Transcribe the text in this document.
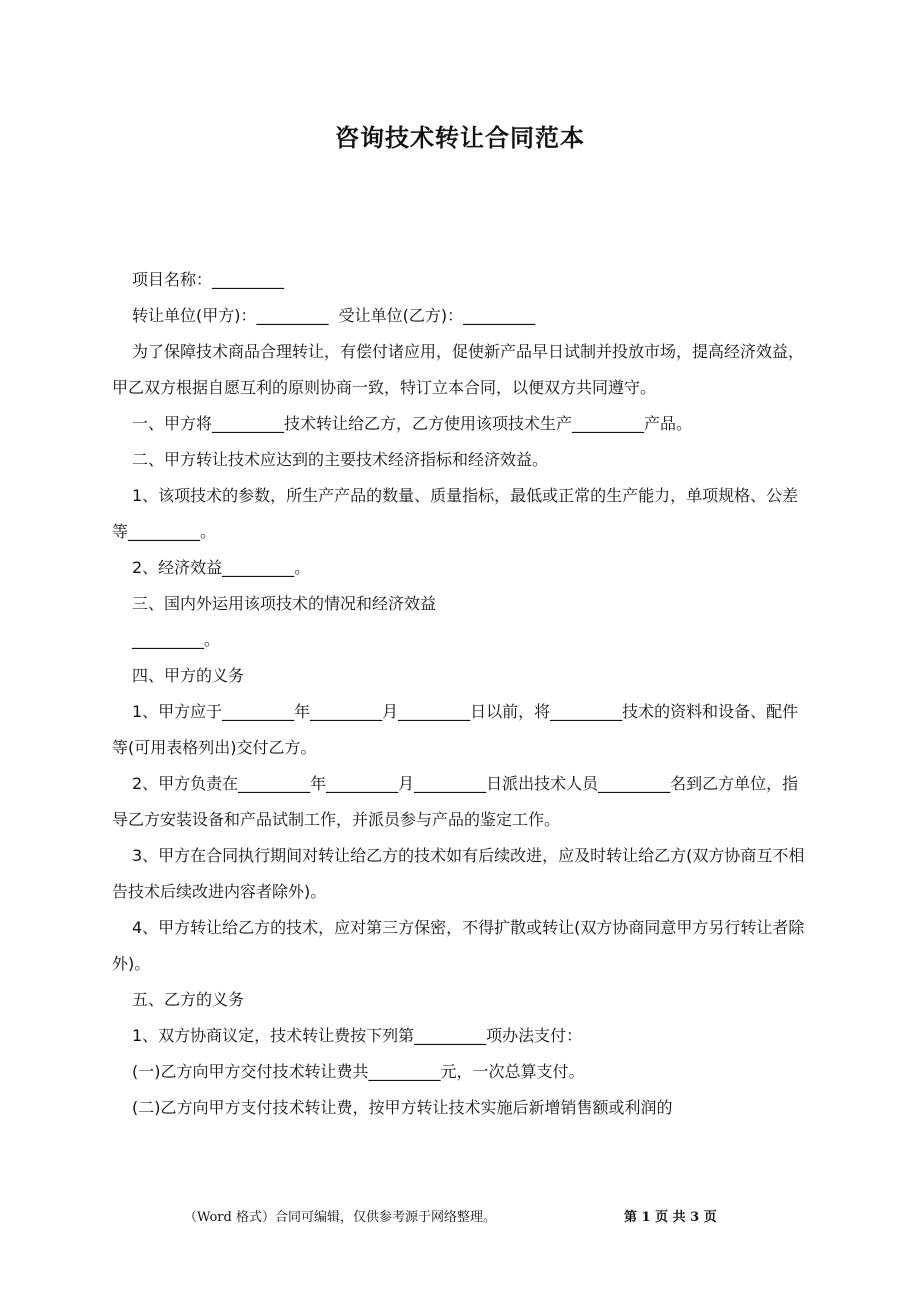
咨询技术转让合同范本

项目名称：_________

转让单位(甲方)：_________  受让单位(乙方)：_________

为了保障技术商品合理转让，有偿付诸应用，促使新产品早日试制并投放市场，提高经济效益，甲乙双方根据自愿互利的原则协商一致，特订立本合同，以便双方共同遵守。

一、甲方将_________技术转让给乙方，乙方使用该项技术生产_________产品。

二、甲方转让技术应达到的主要技术经济指标和经济效益。

1、该项技术的参数，所生产产品的数量、质量指标，最低或正常的生产能力，单项规格、公差等_________。

2、经济效益_________。

三、国内外运用该项技术的情况和经济效益

_________。

四、甲方的义务

1、甲方应于_________年_________月_________日以前，将_________技术的资料和设备、配件等(可用表格列出)交付乙方。

2、甲方负责在_________年_________月_________日派出技术人员_________名到乙方单位，指导乙方安装设备和产品试制工作，并派员参与产品的鉴定工作。

3、甲方在合同执行期间对转让给乙方的技术如有后续改进，应及时转让给乙方(双方协商互不相告技术后续改进内容者除外)。

4、甲方转让给乙方的技术，应对第三方保密，不得扩散或转让(双方协商同意甲方另行转让者除外)。

五、乙方的义务

1、双方协商议定，技术转让费按下列第_________项办法支付：

(一)乙方向甲方交付技术转让费共_________元，一次总算支付。

(二)乙方向甲方支付技术转让费，按甲方转让技术实施后新增销售额或利润的

（Word 格式）合同可编辑，仅供参考源于网络整理。	第 1 页 共 3 页
